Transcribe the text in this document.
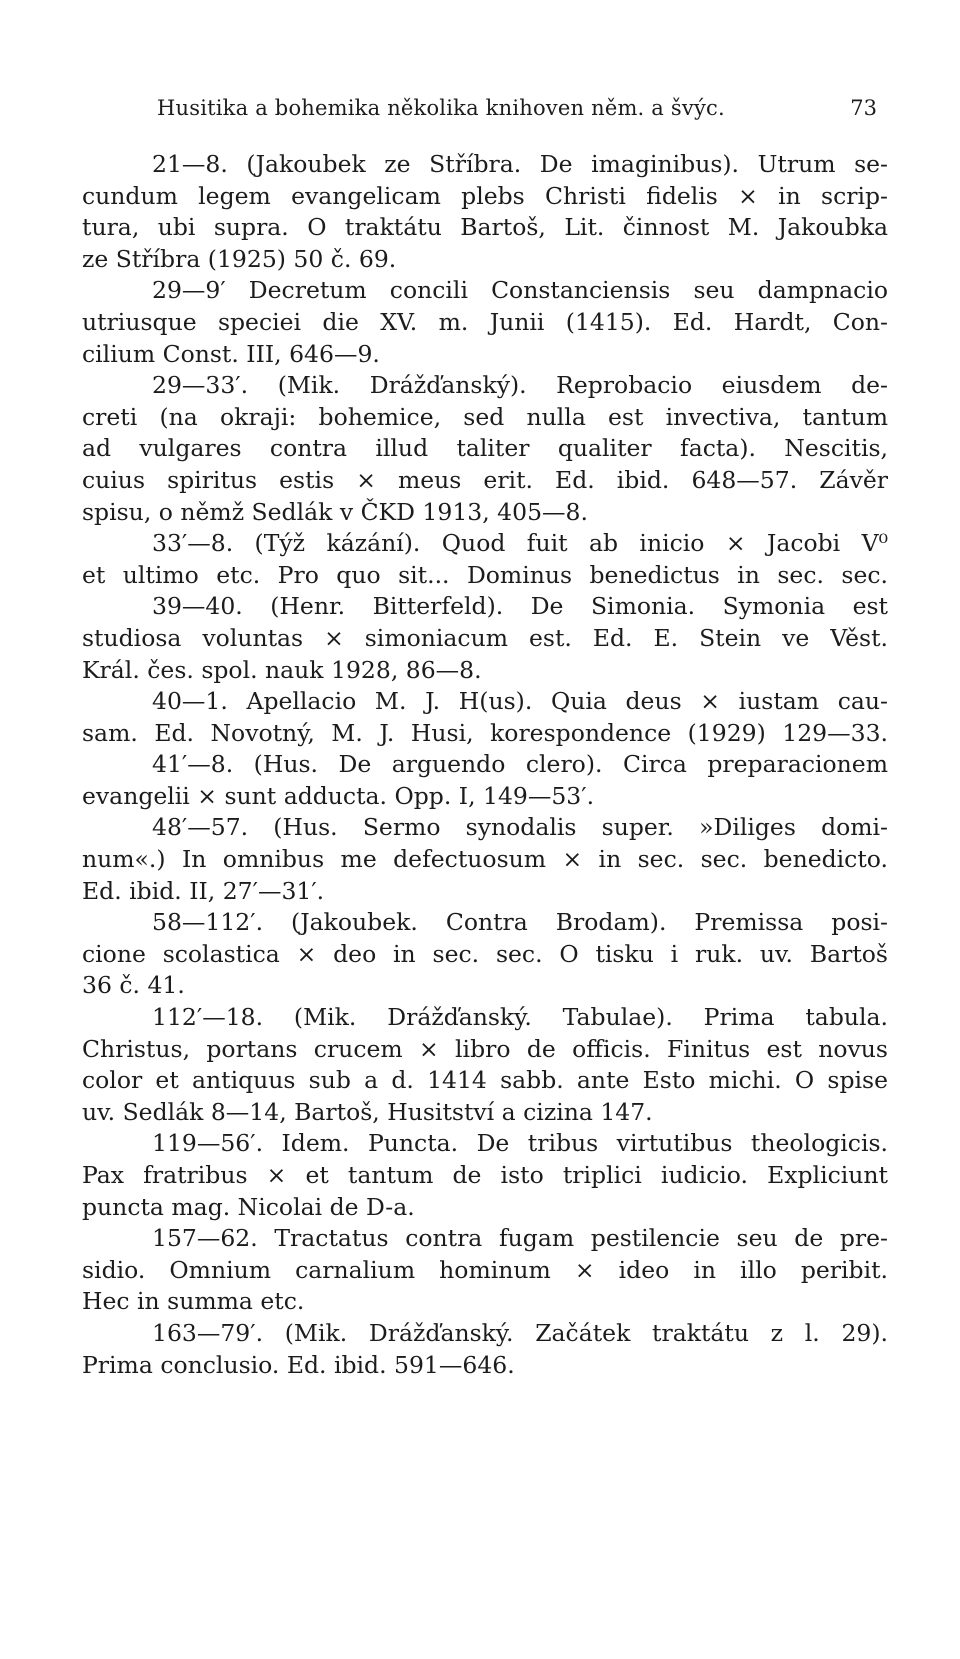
Husitika a bohemika několika knihoven něm. a švýc.	73
21—8. (Jakoubek ze Stříbra. De imaginibus). Utrum se-
cundum legem evangelicam plebs Christi fidelis × in scrip-
tura, ubi supra. O traktátu Bartoš, Lit. činnost M. Jakoubka
ze Stříbra (1925) 50 č. 69.
29—9′ Decretum concili Constanciensis seu dampnacio
utriusque speciei die XV. m. Junii (1415). Ed. Hardt, Con-
cilium Const. III, 646—9.
29—33′. (Mik. Drážďanský). Reprobacio eiusdem de-
creti (na okraji: bohemice, sed nulla est invectiva, tantum
ad vulgares contra illud taliter qualiter facta). Nescitis,
cuius spiritus estis × meus erit. Ed. ibid. 648—57. Závěr
spisu, o němž Sedlák v ČKD 1913, 405—8.
33′—8. (Týž kázání). Quod fuit ab inicio × Jacobi V⁰
et ultimo etc. Pro quo sit... Dominus benedictus in sec. sec.
39—40. (Henr. Bitterfeld). De Simonia. Symonia est
studiosa voluntas × simoniacum est. Ed. E. Stein ve Věst.
Král. čes. spol. nauk 1928, 86—8.
40—1. Apellacio M. J. H(us). Quia deus × iustam cau-
sam. Ed. Novotný, M. J. Husi, korespondence (1929) 129—33.
41′—8. (Hus. De arguendo clero). Circa preparacionem
evangelii × sunt adducta. Opp. I, 149—53′.
48′—57. (Hus. Sermo synodalis super. »Diliges domi-
num«.) In omnibus me defectuosum × in sec. sec. benedicto.
Ed. ibid. II, 27′—31′.
58—112′. (Jakoubek. Contra Brodam). Premissa posi-
cione scolastica × deo in sec. sec. O tisku i ruk. uv. Bartoš
36 č. 41.
112′—18. (Mik. Drážďanský. Tabulae). Prima tabula.
Christus, portans crucem × libro de officis. Finitus est novus
color et antiquus sub a d. 1414 sabb. ante Esto michi. O spise
uv. Sedlák 8—14, Bartoš, Husitství a cizina 147.
119—56′. Idem. Puncta. De tribus virtutibus theologicis.
Pax fratribus × et tantum de isto triplici iudicio. Expliciunt
puncta mag. Nicolai de D-a.
157—62. Tractatus contra fugam pestilencie seu de pre-
sidio. Omnium carnalium hominum × ideo in illo peribit.
Hec in summa etc.
163—79′. (Mik. Drážďanský. Začátek traktátu z l. 29).
Prima conclusio. Ed. ibid. 591—646.
